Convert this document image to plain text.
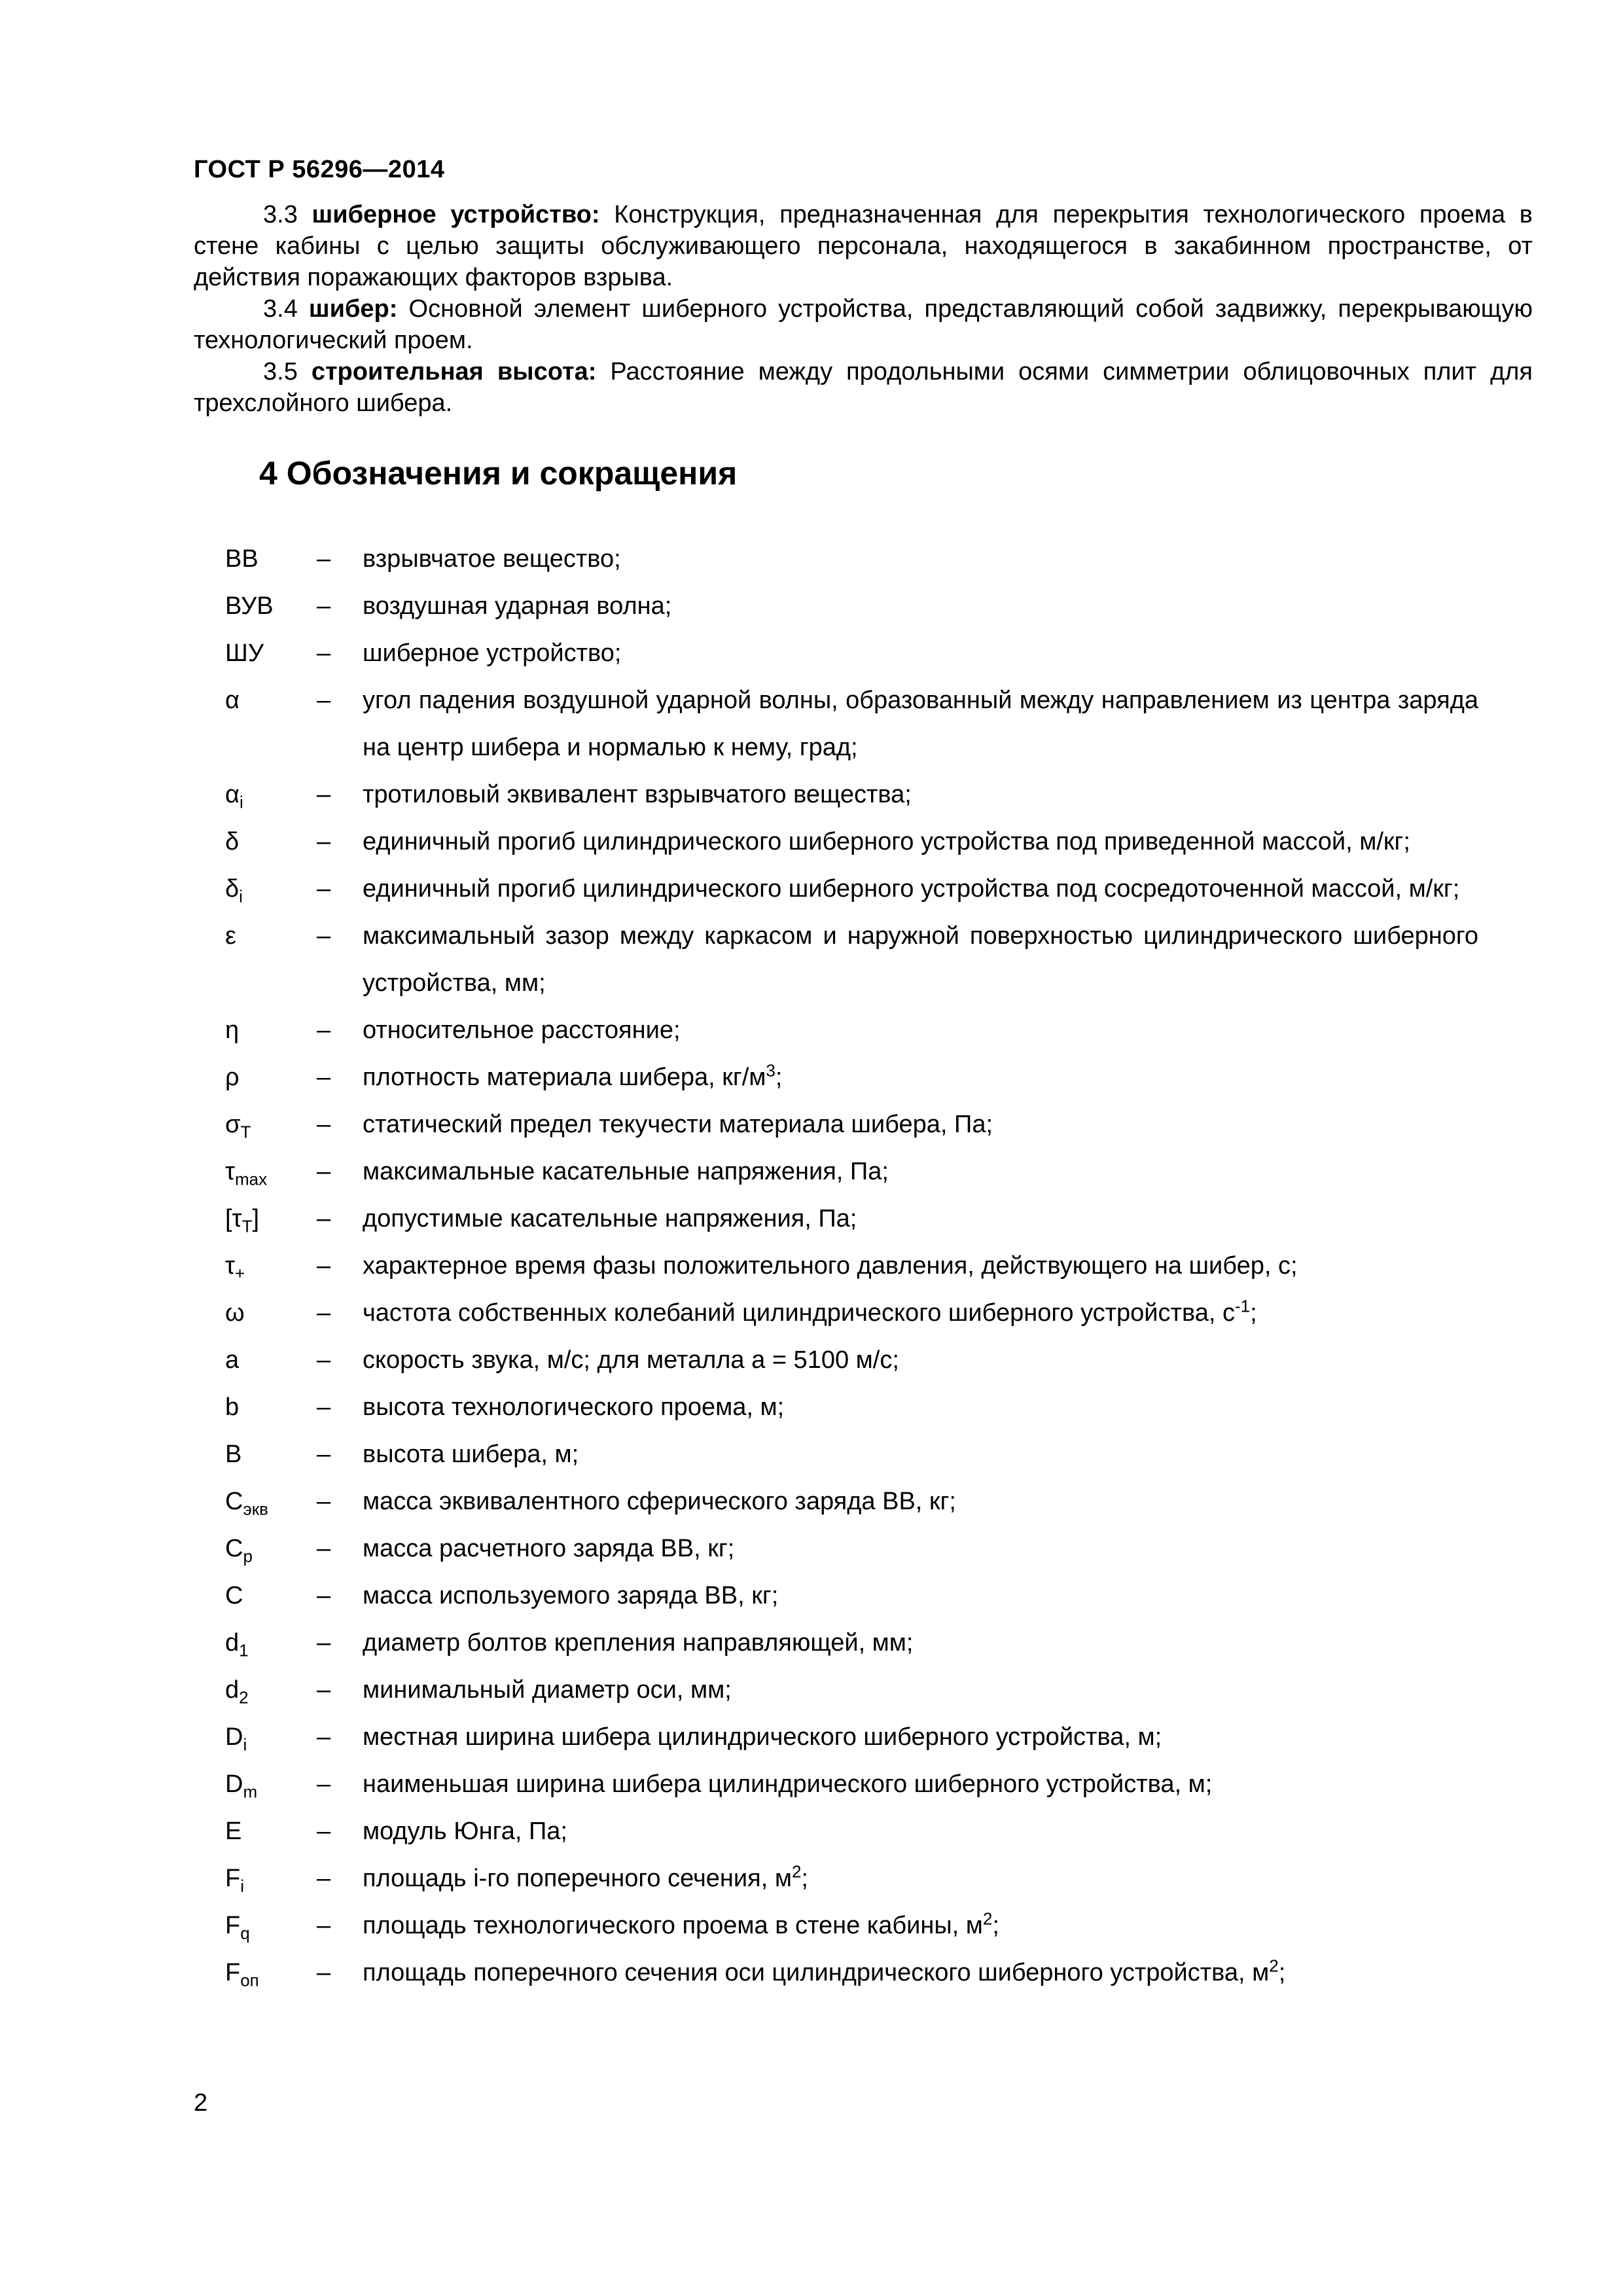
ГОСТ Р 56296—2014

3.3 шиберное устройство: Конструкция, предназначенная для перекрытия технологического проема в стене кабины с целью защиты обслуживающего персонала, находящегося в закабинном пространстве, от действия поражающих факторов взрыва.

3.4 шибер: Основной элемент шиберного устройства, представляющий собой задвижку, перекрывающую технологический проем.

3.5 строительная высота: Расстояние между продольными осями симметрии облицовочных плит для трехслойного шибера.

4 Обозначения и сокращения
ВВ	–	взрывчатое вещество;
ВУВ	–	воздушная ударная волна;
ШУ	–	шиберное устройство;
α	–	угол падения воздушной ударной волны, образованный между направлением из центра заряда на центр шибера и нормалью к нему, град;
$\alpha_i$	–	тротиловый эквивалент взрывчатого вещества;
δ	–	единичный прогиб цилиндрического шиберного устройства под приведенной массой, м/кг;
$\delta_i$	–	единичный прогиб цилиндрического шиберного устройства под сосредоточенной массой, м/кг;
ε	–	максимальный зазор между каркасом и наружной поверхностью цилиндрического шиберного устройства, мм;
η	–	относительное расстояние;
ρ	–	плотность материала шибера, $кг/м^3$;
$\sigma_Т$	–	статический предел текучести материала шибера, Па;
$\tau_{max}$	–	максимальные касательные напряжения, Па;
$[\tau_Т]$	–	допустимые касательные напряжения, Па;
$\tau_+$	–	характерное время фазы положительного давления, действующего на шибер, с;
ω	–	частота собственных колебаний цилиндрического шиберного устройства, $с^{-1}$;
a	–	скорость звука, м/с; для металла a = 5100 м/с;
b	–	высота технологического проема, м;
B	–	высота шибера, м;
$C_{экв}$	–	масса эквивалентного сферического заряда ВВ, кг;
$C_р$	–	масса расчетного заряда ВВ, кг;
C	–	масса используемого заряда ВВ, кг;
$d_1$	–	диаметр болтов крепления направляющей, мм;
$d_2$	–	минимальный диаметр оси, мм;
$D_i$	–	местная ширина шибера цилиндрического шиберного устройства, м;
$D_m$	–	наименьшая ширина шибера цилиндрического шиберного устройства, м;
E	–	модуль Юнга, Па;
$F_i$	–	площадь i-го поперечного сечения, $м^2$;
$F_q$	–	площадь технологического проема в стене кабины, $м^2$;
$F_{оп}$	–	площадь поперечного сечения оси цилиндрического шиберного устройства, $м^2$;
2
